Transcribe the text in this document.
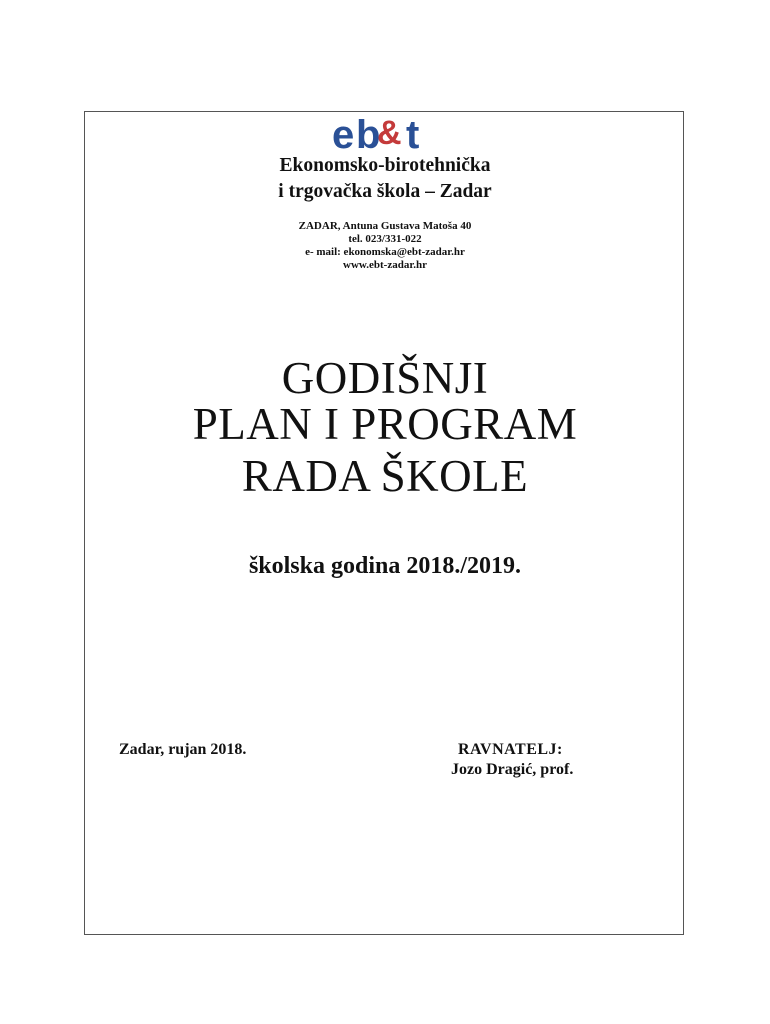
e b
& t
Ekonomsko-birotehnička
i trgovačka škola – Zadar
ZADAR, Antuna Gustava Matoša 40
tel. 023/331-022
e- mail: ekonomska@ebt-zadar.hr
www.ebt-zadar.hr
GODIŠNJI
PLAN I PROGRAM
RADA ŠKOLE
školska godina 2018./2019.
Zadar, rujan 2018.	RAVNATELJ:
Jozo Dragić, prof.
